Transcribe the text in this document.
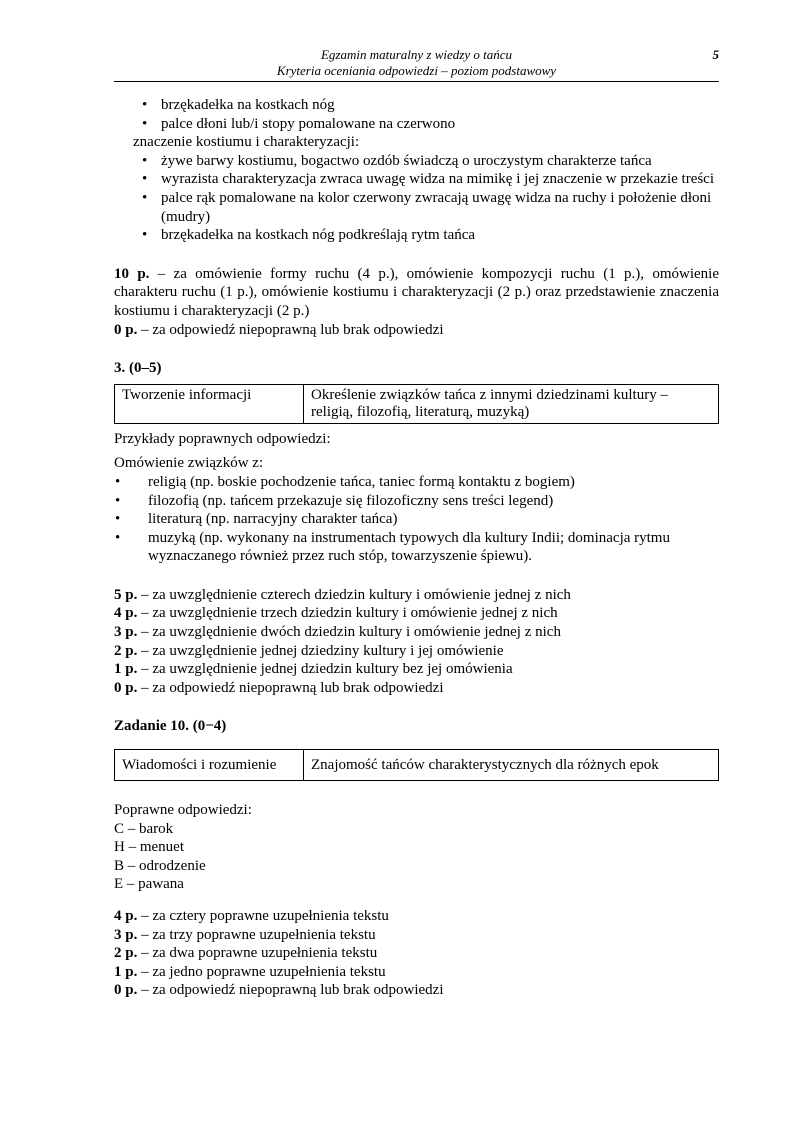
Egzamin maturalny z wiedzy o tańcu
Kryteria oceniania odpowiedzi – poziom podstawowy
5
• brzękadełka na kostkach nóg
• palce dłoni lub/i stopy pomalowane na czerwono
znaczenie kostiumu i charakteryzacji:
• żywe barwy kostiumu, bogactwo ozdób świadczą o uroczystym charakterze tańca
• wyrazista charakteryzacja zwraca uwagę widza na mimikę i jej znaczenie w przekazie treści
• palce rąk pomalowane na kolor czerwony zwracają uwagę widza na ruchy i położenie dłoni (mudry)
• brzękadełka na kostkach nóg podkreślają rytm tańca
10 p. – za omówienie formy ruchu (4 p.), omówienie kompozycji ruchu (1 p.), omówienie charakteru ruchu (1 p.), omówienie kostiumu i charakteryzacji (2 p.) oraz przedstawienie znaczenia kostiumu i charakteryzacji (2 p.)
0 p. – za odpowiedź niepoprawną lub brak odpowiedzi
3. (0–5)
Tworzenie informacji	Określenie związków tańca z innymi dziedzinami kultury – religią, filozofią, literaturą, muzyką)
Przykłady poprawnych odpowiedzi:
Omówienie związków z:
• religią (np. boskie pochodzenie tańca, taniec formą kontaktu z bogiem)
• filozofią (np. tańcem przekazuje się filozoficzny sens treści legend)
• literaturą (np. narracyjny charakter tańca)
• muzyką (np. wykonany na instrumentach typowych dla kultury Indii; dominacja rytmu wyznaczanego również przez ruch stóp, towarzyszenie śpiewu).
5 p. – za uwzględnienie czterech dziedzin kultury i omówienie jednej z nich
4 p. – za uwzględnienie trzech dziedzin kultury i omówienie jednej z nich
3 p. – za uwzględnienie dwóch dziedzin kultury i omówienie jednej z nich
2 p. – za uwzględnienie jednej dziedziny kultury i jej omówienie
1 p. – za uwzględnienie jednej dziedzin kultury bez jej omówienia
0 p. – za odpowiedź niepoprawną lub brak odpowiedzi
Zadanie 10. (0−4)
Wiadomości i rozumienie	Znajomość tańców charakterystycznych dla różnych epok
Poprawne odpowiedzi:
C – barok
H – menuet
B – odrodzenie
E – pawana
4 p. – za cztery poprawne uzupełnienia tekstu
3 p. – za trzy poprawne uzupełnienia tekstu
2 p. – za dwa poprawne uzupełnienia tekstu
1 p. – za jedno poprawne uzupełnienia tekstu
0 p. – za odpowiedź niepoprawną lub brak odpowiedzi
